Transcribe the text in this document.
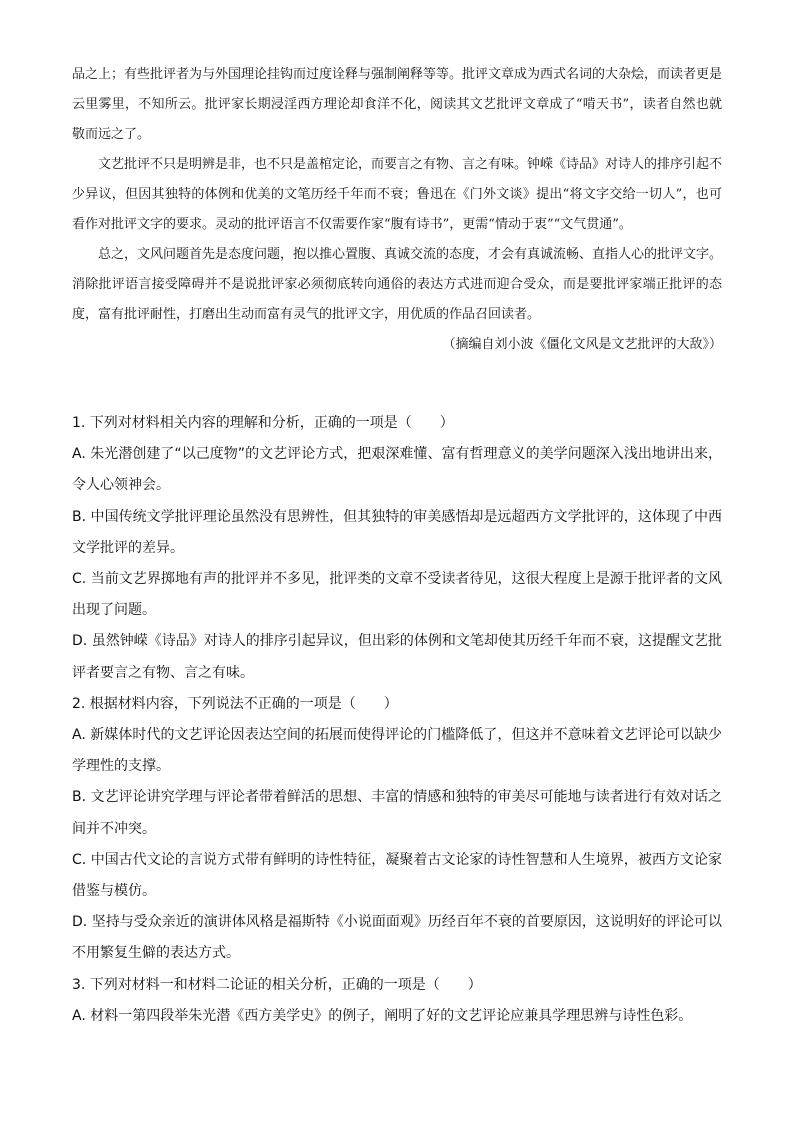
品之上；有些批评者为与外国理论挂钩而过度诠释与强制阐释等等。批评文章成为西式名词的大杂烩，而读者更是云里雾里，不知所云。批评家长期浸淫西方理论却食洋不化，阅读其文艺批评文章成了“啃天书”，读者自然也就敬而远之了。

文艺批评不只是明辨是非，也不只是盖棺定论，而要言之有物、言之有味。钟嵘《诗品》对诗人的排序引起不少异议，但因其独特的体例和优美的文笔历经千年而不衰；鲁迅在《门外文谈》提出“将文字交给一切人”，也可看作对批评文字的要求。灵动的批评语言不仅需要作家“腹有诗书”，更需“情动于衷”“文气贯通”。

总之，文风问题首先是态度问题，抱以推心置腹、真诚交流的态度，才会有真诚流畅、直指人心的批评文字。消除批评语言接受障碍并不是说批评家必须彻底转向通俗的表达方式进而迎合受众，而是要批评家端正批评的态度，富有批评耐性，打磨出生动而富有灵气的批评文字，用优质的作品召回读者。

（摘编自刘小波《僵化文风是文艺批评的大敌》）

1. 下列对材料相关内容的理解和分析，正确的一项是（　　）

A. 朱光潜创建了“以己度物”的文艺评论方式，把艰深难懂、富有哲理意义的美学问题深入浅出地讲出来，令人心领神会。

B. 中国传统文学批评理论虽然没有思辨性，但其独特的审美感悟却是远超西方文学批评的，这体现了中西文学批评的差异。

C. 当前文艺界掷地有声的批评并不多见，批评类的文章不受读者待见，这很大程度上是源于批评者的文风出现了问题。

D. 虽然钟嵘《诗品》对诗人的排序引起异议，但出彩的体例和文笔却使其历经千年而不衰，这提醒文艺批评者要言之有物、言之有味。

2. 根据材料内容，下列说法不正确的一项是（　　）

A. 新媒体时代的文艺评论因表达空间的拓展而使得评论的门槛降低了，但这并不意味着文艺评论可以缺少学理性的支撑。

B. 文艺评论讲究学理与评论者带着鲜活的思想、丰富的情感和独特的审美尽可能地与读者进行有效对话之间并不冲突。

C. 中国古代文论的言说方式带有鲜明的诗性特征，凝聚着古文论家的诗性智慧和人生境界，被西方文论家借鉴与模仿。

D. 坚持与受众亲近的演讲体风格是福斯特《小说面面观》历经百年不衰的首要原因，这说明好的评论可以不用繁复生僻的表达方式。

3. 下列对材料一和材料二论证的相关分析，正确的一项是（　　）

A. 材料一第四段举朱光潜《西方美学史》的例子，阐明了好的文艺评论应兼具学理思辨与诗性色彩。
